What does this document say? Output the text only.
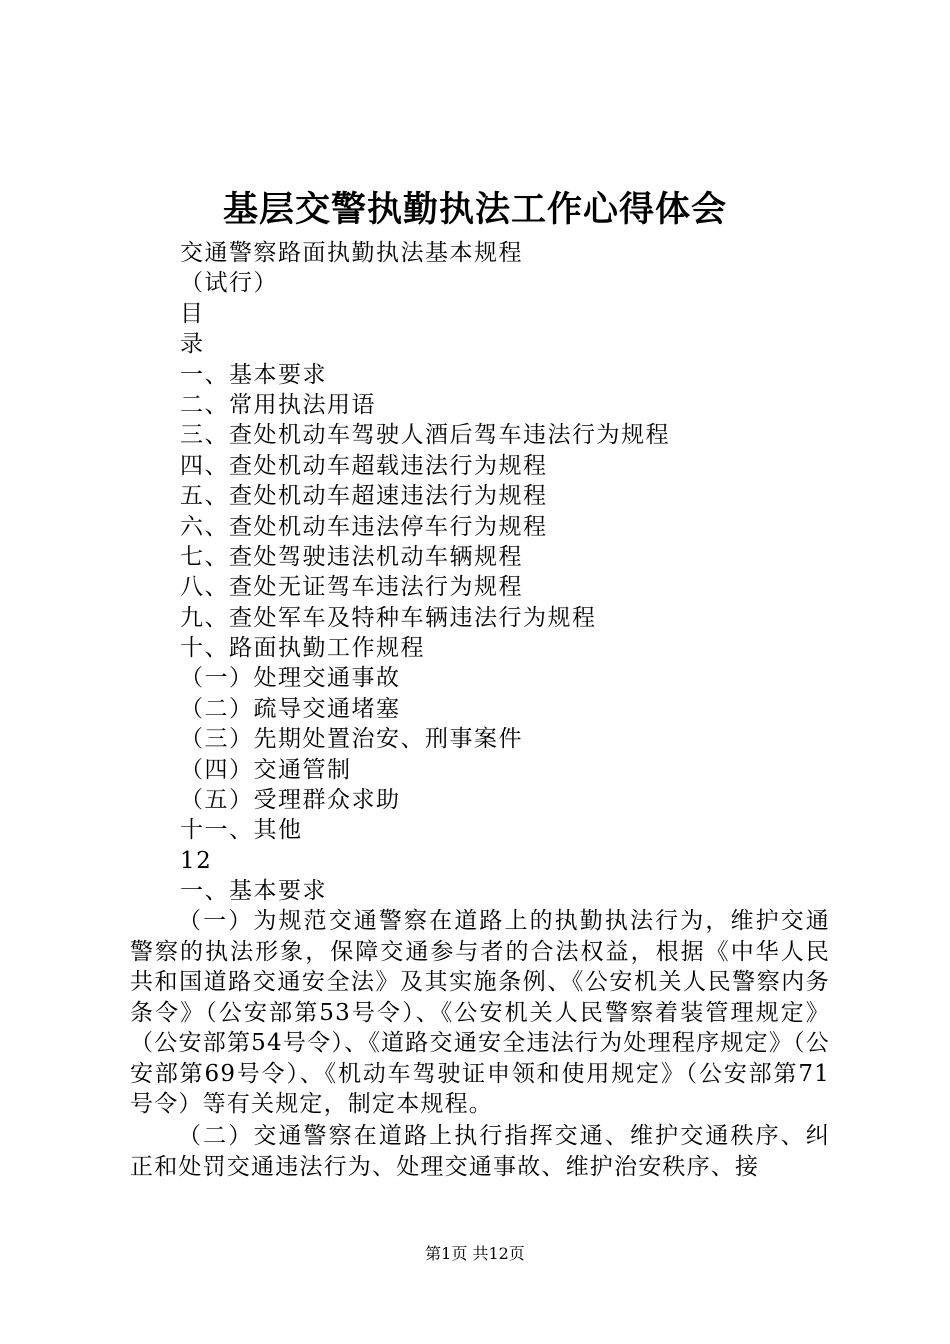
基层交警执勤执法工作心得体会
交通警察路面执勤执法基本规程
（试行）
目
录
一、基本要求
二、常用执法用语
三、查处机动车驾驶人酒后驾车违法行为规程
四、查处机动车超载违法行为规程
五、查处机动车超速违法行为规程
六、查处机动车违法停车行为规程
七、查处驾驶违法机动车辆规程
八、查处无证驾车违法行为规程
九、查处军车及特种车辆违法行为规程
十、路面执勤工作规程
（一）处理交通事故
（二）疏导交通堵塞
（三）先期处置治安、刑事案件
（四）交通管制
（五）受理群众求助
十一、其他
12
一、基本要求

（一）为规范交通警察在道路上的执勤执法行为，维护交通警察的执法形象，保障交通参与者的合法权益，根据《中华人民共和国道路交通安全法》及其实施条例、《公安机关人民警察内务条令》（公安部第53号令）、《公安机关人民警察着装管理规定》（公安部第54号令）、《道路交通安全违法行为处理程序规定》（公安部第69号令）、《机动车驾驶证申领和使用规定》（公安部第71号令）等有关规定，制定本规程。

（二）交通警察在道路上执行指挥交通、维护交通秩序、纠正和处罚交通违法行为、处理交通事故、维护治安秩序、接

第1页 共12页
